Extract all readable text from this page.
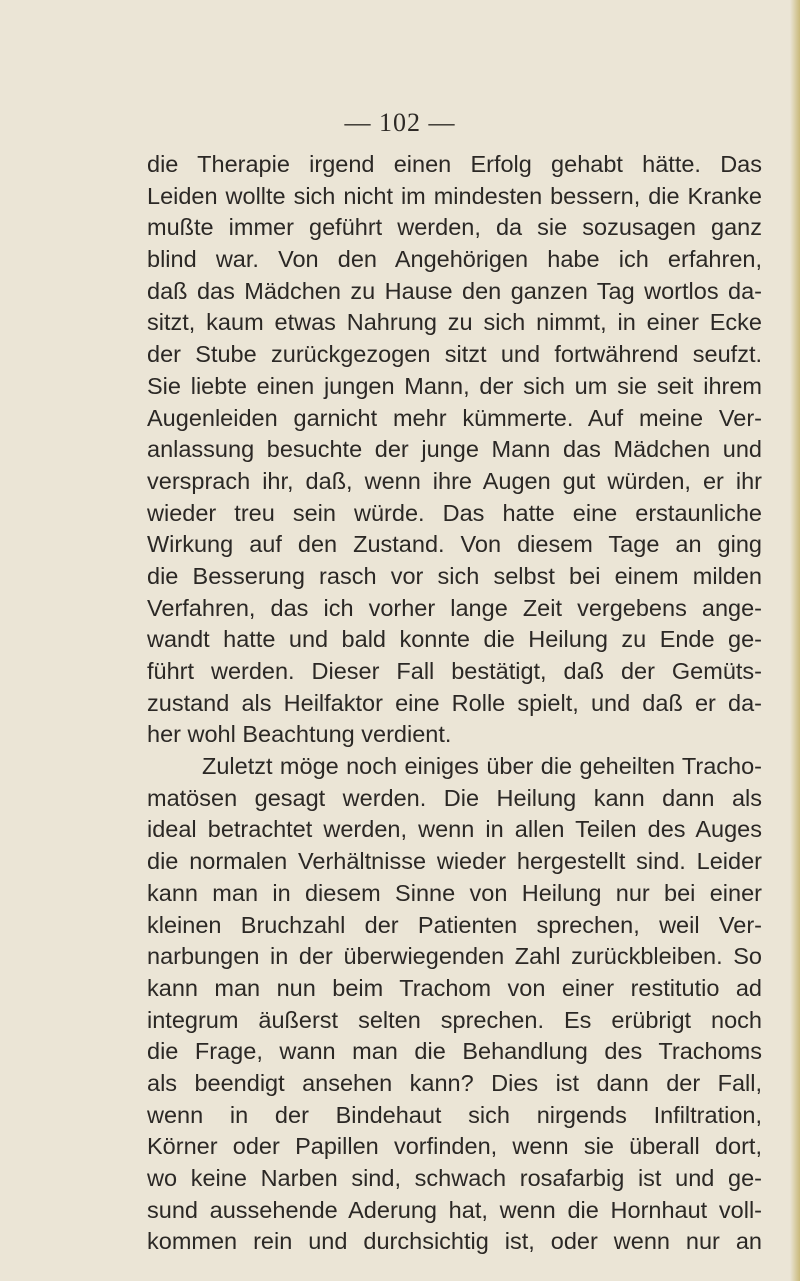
— 102 —
die Therapie irgend einen Erfolg gehabt hätte. Das
Leiden wollte sich nicht im mindesten bessern, die Kranke
mußte immer geführt werden, da sie sozusagen ganz
blind war. Von den Angehörigen habe ich erfahren,
daß das Mädchen zu Hause den ganzen Tag wortlos da-
sitzt, kaum etwas Nahrung zu sich nimmt, in einer Ecke
der Stube zurückgezogen sitzt und fortwährend seufzt.
Sie liebte einen jungen Mann, der sich um sie seit ihrem
Augenleiden garnicht mehr kümmerte. Auf meine Ver-
anlassung besuchte der junge Mann das Mädchen und
versprach ihr, daß, wenn ihre Augen gut würden, er ihr
wieder treu sein würde. Das hatte eine erstaunliche
Wirkung auf den Zustand. Von diesem Tage an ging
die Besserung rasch vor sich selbst bei einem milden
Verfahren, das ich vorher lange Zeit vergebens ange-
wandt hatte und bald konnte die Heilung zu Ende ge-
führt werden. Dieser Fall bestätigt, daß der Gemüts-
zustand als Heilfaktor eine Rolle spielt, und daß er da-
her wohl Beachtung verdient.
Zuletzt möge noch einiges über die geheilten Tracho-
matösen gesagt werden. Die Heilung kann dann als
ideal betrachtet werden, wenn in allen Teilen des Auges
die normalen Verhältnisse wieder hergestellt sind. Leider
kann man in diesem Sinne von Heilung nur bei einer
kleinen Bruchzahl der Patienten sprechen, weil Ver-
narbungen in der überwiegenden Zahl zurückbleiben. So
kann man nun beim Trachom von einer restitutio ad
integrum äußerst selten sprechen. Es erübrigt noch
die Frage, wann man die Behandlung des Trachoms
als beendigt ansehen kann? Dies ist dann der Fall,
wenn in der Bindehaut sich nirgends Infiltration,
Körner oder Papillen vorfinden, wenn sie überall dort,
wo keine Narben sind, schwach rosafarbig ist und ge-
sund aussehende Aderung hat, wenn die Hornhaut voll-
kommen rein und durchsichtig ist, oder wenn nur an
